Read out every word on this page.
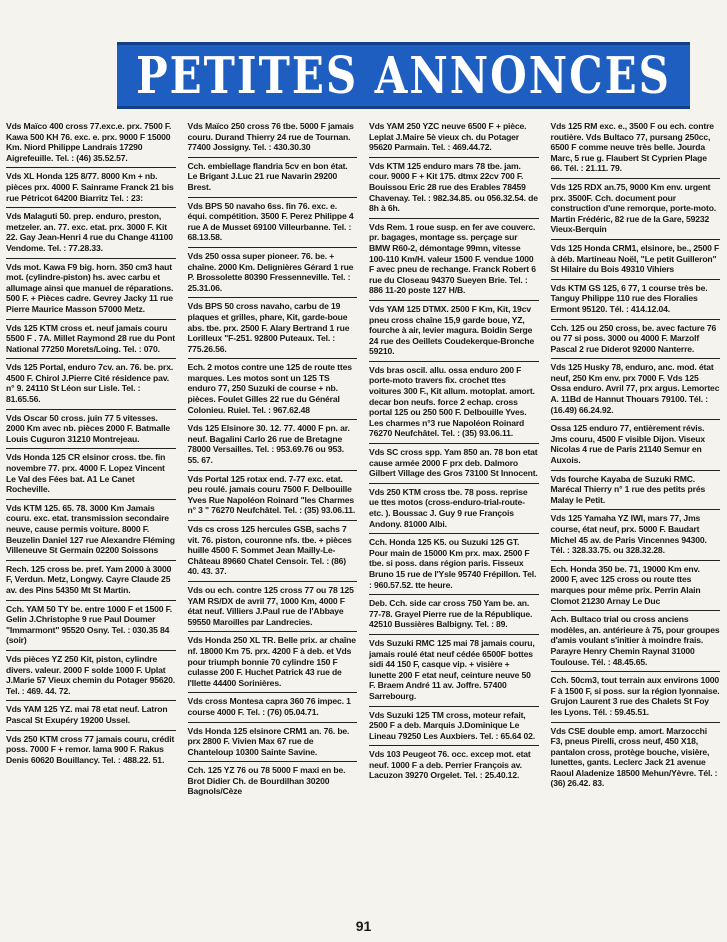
PETITES ANNONCES
Vds Maïco 400 cross 77.exc.e. prx. 7500 F. Kawa 500 KH 76. exc. e. prx. 9000 F 15000 Km. Niord Philippe Landrais 17290 Aigrefeuille. Tel. : (46) 35.52.57.
Vds XL Honda 125 8/77. 8000 Km + nb. pièces prx. 4000 F. Sainrame Franck 21 bis rue Pétricot 64200 Biarritz Tel. : 23:
Vds Malaguti 50. prep. enduro, preston, metzeler. an. 77. exc. etat. prx. 3000 F. Kit 22. Gay Jean-Henri 4 rue du Change 41100 Vendome. Tel. : 77.28.33.
Vds mot. Kawa F9 big. horn. 350 cm3 haut mot. (cylindre-piston) hs. avec carbu et allumage ainsi que manuel de réparations. 500 F. + Pièces cadre. Gevrey Jacky 11 rue Pierre Maurice Masson 57000 Metz.
Vds 125 KTM cross et. neuf jamais couru 5500 F . 7A. Millet Raymond 28 rue du Pont National 77250 Morets/Loing. Tel. : 070.
Vds 125 Portal, enduro 7cv. an. 76. be. prx. 4500 F. Chirol J.Pierre Cité résidence pav. n° 9. 24110 St Léon sur Lisle. Tel. : 81.65.56.
Vds Oscar 50 cross. juin 77 5 vitesses. 2000 Km avec nb. pièces 2000 F. Batmalle Louis Cuguron 31210 Montrejeau.
Vds Honda 125 CR elsinor cross. tbe. fin novembre 77. prx. 4000 F. Lopez Vincent Le Val des Fées bat. A1 Le Canet Rocheville.
Vds KTM 125. 65. 78. 3000 Km Jamais couru. exc. etat. transmission secondaire neuve, cause permis voiture. 8000 F. Beuzelin Daniel 127 rue Alexandre Fléming Villeneuve St Germain 02200 Soissons
Rech. 125 cross be. pref. Yam 2000 à 3000 F, Verdun. Metz, Longwy. Cayre Claude 25 av. des Pins 54350 Mt St Martin.
Cch. YAM 50 TY be. entre 1000 F et 1500 F. Gelin J.Christophe 9 rue Paul Doumer "Immarmont" 95520 Osny. Tel. : 030.35 84 (soir)
Vds pièces YZ 250 Kit, piston, cylindre divers. valeur. 2000 F solde 1000 F. Uplat J.Marie 57 Vieux chemin du Potager 95620. Tel. : 469. 44. 72.
Vds YAM 125 YZ. mai 78 etat neuf. Latron Pascal St Exupéry 19200 Ussel.
Vds 250 KTM cross 77 jamais couru, crédit poss. 7000 F + remor. lama 900 F. Rakus Denis 60620 Bouillancy. Tel. : 488.22. 51.
Vds Maïco 250 cross 76 tbe. 5000 F jamais couru. Durand Thierry 24 rue de Tournan. 77400 Jossigny. Tel. : 430.30.30
Cch. embiellage flandria 5cv en bon état. Le Brigant J.Luc 21 rue Navarin 29200 Brest.
Vds BPS 50 navaho 6ss. fin 76. exc. e. équi. compétition. 3500 F. Perez Philippe 4 rue A de Musset 69100 Villeurbanne. Tel. : 68.13.58.
Vds 250 ossa super pioneer. 76. be. + chaîne. 2000 Km. Delignières Gérard 1 rue P. Brossolette 80390 Fressenneville. Tel. : 25.31.06.
Vds BPS 50 cross navaho, carbu de 19 plaques et grilles, phare, Kit, garde-boue abs. tbe. prx. 2500 F. Alary Bertrand 1 rue Lorilleux "F-251. 92800 Puteaux. Tel. : 775.26.56.
Ech. 2 motos contre une 125 de route ttes marques. Les motos sont un 125 TS enduro 77, 250 Suzuki de course + nb. pièces. Foulet Gilles 22 rue du Général Colonieu. Ruiel. Tel. : 967.62.48
Vds 125 Elsinore 30. 12. 77. 4000 F pn. ar. neuf. Bagalini Carlo 26 rue de Bretagne 78000 Versailles. Tel. : 953.69.76 ou 953. 55. 67.
Vds Portal 125 rotax end. 7-77 exc. etat. peu roulé. jamais couru 7500 F. Delbouille Yves Rue Napoléon Roinard "les Charmes n° 3 " 76270 Neufchâtel. Tel. : (35) 93.06.11.
Vds cs cross 125 hercules GSB, sachs 7 vit. 76. piston, couronne nfs. tbe. + pièces huille 4500 F. Sommet Jean Mailly-Le-Château 89660 Chatel Censoir. Tel. : (86) 40. 43. 37.
Vds ou ech. contre 125 cross 77 ou 78 125 YAM RS/DX de avril 77, 1000 Km, 4000 F état neuf. Villiers J.Paul rue de l'Abbaye 59550 Maroilles par Landrecies.
Vds Honda 250 XL TR. Belle prix. ar chaîne nf. 18000 Km 75. prx. 4200 F à deb. et Vds pour triumph bonnie 70 cylindre 150 F culasse 200 F. Huchet Patrick 43 rue de l'Ilette 44400 Sorinières.
Vds cross Montesa capra 360 76 impec. 1 course 4000 F. Tel. : (76) 05.04.71.
Vds Honda 125 elsinore CRM1 an. 76. be. prx 2800 F. Vivien Max 67 rue de Chanteloup 10300 Sainte Savine.
Cch. 125 YZ 76 ou 78 5000 F maxi en be. Brot Didier Ch. de Bourdilhan 30200 Bagnols/Cèze
Vds YAM 250 YZC neuve 6500 F + pièce. Leplat J.Maire 5è vieux ch. du Potager 95620 Parmain. Tel. : 469.44.72.
Vds KTM 125 enduro mars 78 tbe. jam. cour. 9000 F + Kit 175. dtmx 22cv 700 F. Bouissou Eric 28 rue des Erables 78459 Chavenay. Tel. : 982.34.85. ou 056.32.54. de 8h à 6h.
Vds Rem. 1 roue susp. en fer ave couverc. pr. bagages, montage ss. perçage sur BMW R60-2, démontage 99mn, vitesse 100-110 Km/H. valeur 1500 F. vendue 1000 F avec pneu de rechange. Franck Robert 6 rue du Closeau 94370 Sueyen Brie. Tel. : 886 11-20 poste 127 H/B.
Vds YAM 125 DTMX. 2500 F Km, Kit, 19cv pneu cross chaîne 15,9 garde boue, YZ, fourche à air, levier magura. Boidin Serge 24 rue des Oeillets Coudekerque-Bronche 59210.
Vds bras oscil. allu. ossa enduro 200 F porte-moto travers fix. crochet ttes voitures 300 F., Kit allum. motoplat. amort. decar bon neufs. force 2 echap. cross portal 125 ou 250 500 F. Delbouille Yves. Les charmes n°3 rue Napoléon Roinard 76270 Neufchâtel. Tel. : (35) 93.06.11.
Vds SC cross spp. Yam 850 an. 78 bon etat cause armée 2000 F prx deb. Dalmoro Gilbert Village des Gros 73100 St Innocent.
Vds 250 KTM cross tbe. 78 poss. reprise ue ttes motos (cross-enduro-trial-route-etc. ). Boussac J. Guy 9 rue François Andony. 81000 Albi.
Cch. Honda 125 K5. ou Suzuki 125 GT. Pour main de 15000 Km prx. max. 2500 F tbe. si poss. dans région paris. Fisseux Bruno 15 rue de l'Ysle 95740 Frépillon. Tel. : 960.57.52. tte heure.
Deb. Cch. side car cross 750 Yam be. an. 77-78. Grayel Pierre rue de la République. 42510 Bussières Balbigny. Tel. : 89.
Vds Suzuki RMC 125 mai 78 jamais couru, jamais roulé état neuf cédée 6500F bottes sidi 44 150 F, casque vip. + visière + lunette 200 F etat neuf, ceinture neuve 50 F. Braem André 11 av. Joffre. 57400 Sarrebourg.
Vds Suzuki 125 TM cross, moteur refait, 2500 F a deb. Marquis J.Dominique Le Lineau 79250 Les Auxbiers. Tel. : 65.64 02.
Vds 103 Peugeot 76. occ. excep mot. etat neuf. 1000 F a deb. Perrier François av. Lacuzon 39270 Orgelet. Tel. : 25.40.12.
Vds 125 RM exc. e., 3500 F ou ech. contre routière. Vds Bultaco 77, pursang 250cc, 6500 F comme neuve très belle. Jourda Marc, 5 rue g. Flaubert St Cyprien Plage 66. Tél. : 21.11. 79.
Vds 125 RDX an.75, 9000 Km env. urgent prx. 3500F. Cch. document pour construction d'une remorque, porte-moto. Martin Frédéric, 82 rue de la Gare, 59232 Vieux-Berquin
Vds 125 Honda CRM1, elsinore, be., 2500 F à déb. Martineau Noël, "Le petit Guilleron" St Hilaire du Bois 49310 Vihiers
Vds KTM GS 125, 6 77, 1 course très be. Tanguy Philippe 110 rue des Floralies Ermont 95120. Tél. : 414.12.04.
Cch. 125 ou 250 cross, be. avec facture 76 ou 77 si poss. 3000 ou 4000 F. Marzolf Pascal 2 rue Diderot 92000 Nanterre.
Vds 125 Husky 78, enduro, anc. mod. état neuf, 250 Km env. prx 7000 F. Vds 125 Ossa enduro. Avril 77, prx argus. Lemortec A. 11Bd de Hannut Thouars 79100. Tél. : (16.49) 66.24.92.
Ossa 125 enduro 77, entièrement révis. Jms couru, 4500 F visible Dijon. Viseux Nicolas 4 rue de Paris 21140 Semur en Auxois.
Vds fourche Kayaba de Suzuki RMC. Marécal Thierry n° 1 rue des petits prés Malay le Petit.
Vds 125 Yamaha YZ IWI, mars 77, Jms course, état neuf, prx. 5000 F. Baudart Michel 45 av. de Paris Vincennes 94300. Tél. : 328.33.75. ou 328.32.28.
Ech. Honda 350 be. 71, 19000 Km env. 2000 F, avec 125 cross ou route ttes marques pour même prix. Perrin Alain Clomot 21230 Arnay Le Duc
Ach. Bultaco trial ou cross anciens modèles, an. antérieure à 75, pour groupes d'amis voulant s'initier à moindre frais. Parayre Henry Chemin Raynal 31000 Toulouse. Tél. : 48.45.65.
Cch. 50cm3, tout terrain aux environs 1000 F à 1500 F, si poss. sur la région lyonnaise. Grujon Laurent 3 rue des Chalets St Foy les Lyons. Tél. : 59.45.51.
Vds CSE double emp. amort. Marzocchi F3, pneus Pirelli, cross neuf, 450 X18, pantalon cross, protège bouche, visière, lunettes, gants. Leclerc Jack 21 avenue Raoul Aladenize 18500 Mehun/Yèvre. Tél. : (36) 26.42. 83.
91
